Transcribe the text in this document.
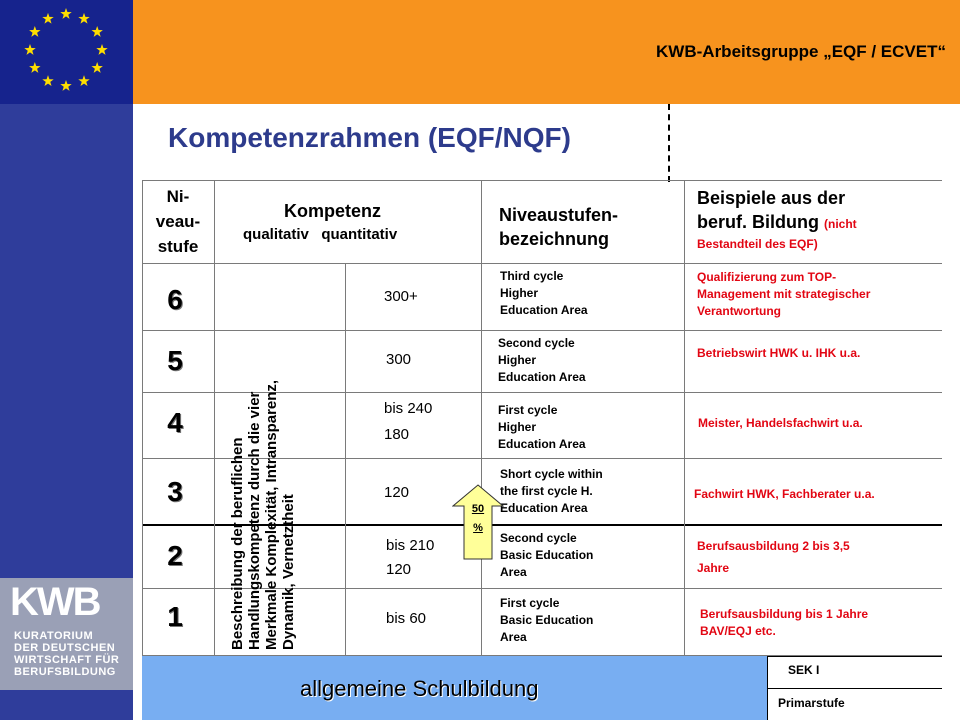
KWB-Arbeitsgruppe „EQF / ECVET“
KWB
KURATORIUM
DER DEUTSCHEN
WIRTSCHAFT FÜR
BERUFSBILDUNG
Kompetenzrahmen (EQF/NQF)
Ni-
veau-
stufe
Kompetenz
qualitativ   quantitativ
Niveaustufen-
bezeichnung
Beispiele aus der
beruf. Bildung (nicht
Bestandteil des EQF)
6
5
4
3
2
1	Beschreibung der beruflichen Handlungskompetenz durch die vier Merkmale Komplexität, Intransparenz, Dynamik, Vernetztheit
300+
300
bis 240
180
120
bis 210
120
bis 60
Third cycle
Higher
Education Area
Second cycle
Higher
Education Area
First cycle
Higher
Education Area
Short cycle within
the first cycle H.
Education Area
Second cycle
Basic Education
Area
First cycle
Basic Education
Area
Qualifizierung zum TOP-
Management mit strategischer
Verantwortung
Betriebswirt HWK u. IHK u.a.
Meister, Handelsfachwirt u.a.
Fachwirt HWK, Fachberater u.a.
Berufsausbildung 2 bis 3,5
Jahre
Berufsausbildung bis 1 Jahre
BAV/EQJ etc.
50
%
allgemeine Schulbildung
SEK I
Primarstufe
